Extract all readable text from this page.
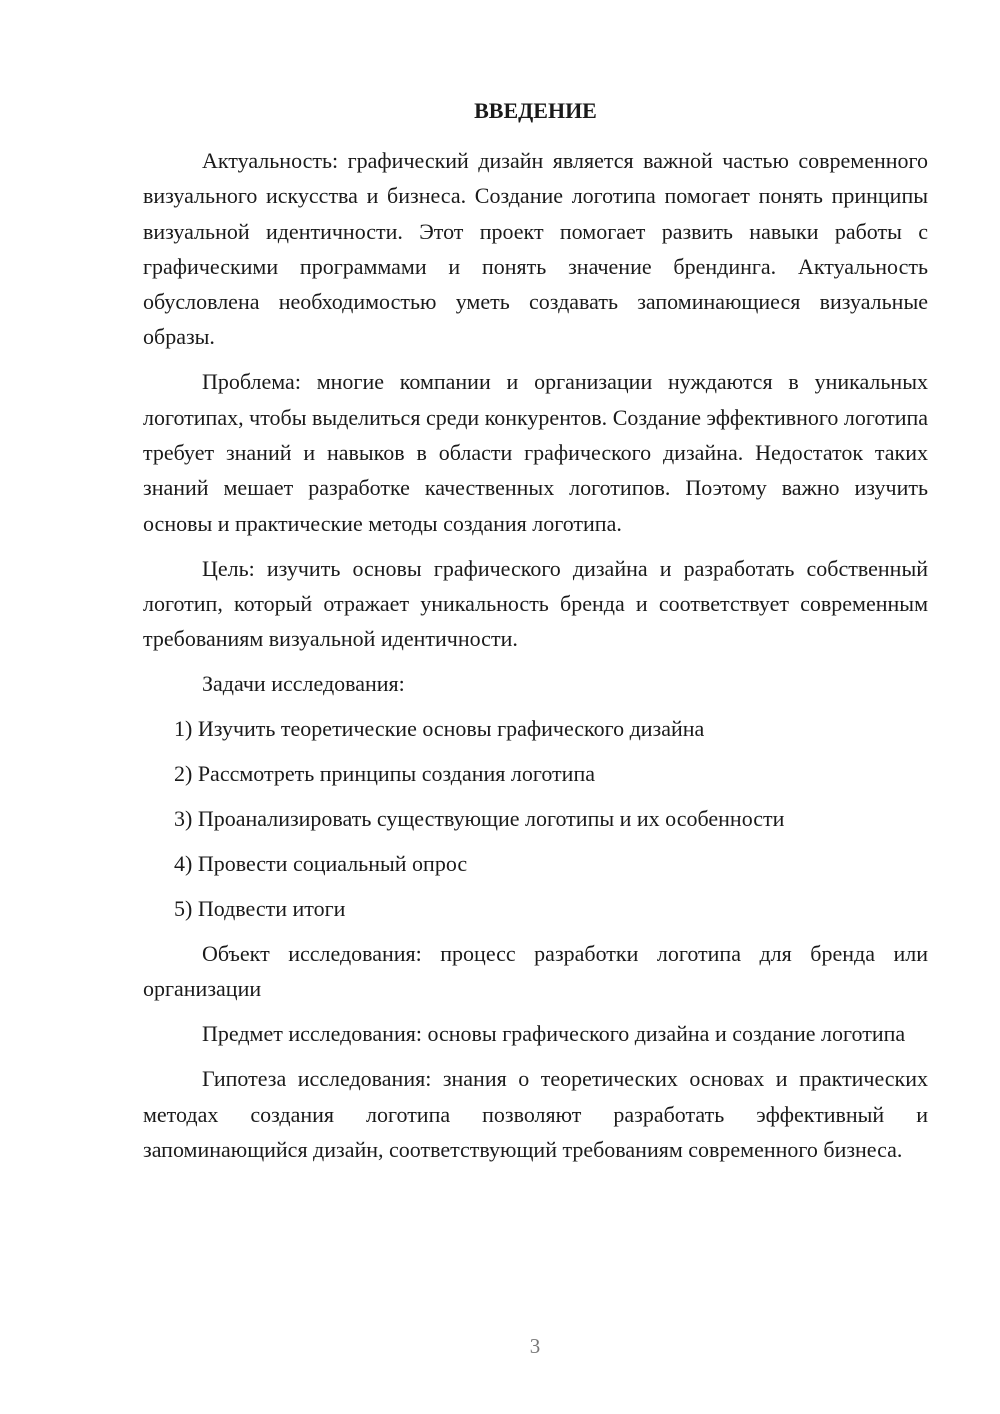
ВВЕДЕНИЕ

Актуальность: графический дизайн является важной частью современного визуального искусства и бизнеса. Создание логотипа помогает понять принципы визуальной идентичности. Этот проект помогает развить навыки работы с графическими программами и понять значение брендинга. Актуальность обусловлена необходимостью уметь создавать запоминающиеся визуальные образы.

Проблема: многие компании и организации нуждаются в уникальных логотипах, чтобы выделиться среди конкурентов. Создание эффективного логотипа требует знаний и навыков в области графического дизайна. Недостаток таких знаний мешает разработке качественных логотипов. Поэтому важно изучить основы и практические методы создания логотипа.

Цель: изучить основы графического дизайна и разработать собственный логотип, который отражает уникальность бренда и соответствует современным требованиям визуальной идентичности.

Задачи исследования:

1) Изучить теоретические основы графического дизайна

2) Рассмотреть принципы создания логотипа

3) Проанализировать существующие логотипы и их особенности

4) Провести социальный опрос

5) Подвести итоги

Объект исследования: процесс разработки логотипа для бренда или организации

Предмет исследования: основы графического дизайна и создание логотипа

Гипотеза исследования: знания о теоретических основах и практических методах создания логотипа позволяют разработать эффективный и запоминающийся дизайн, соответствующий требованиям современного бизнеса.

3
